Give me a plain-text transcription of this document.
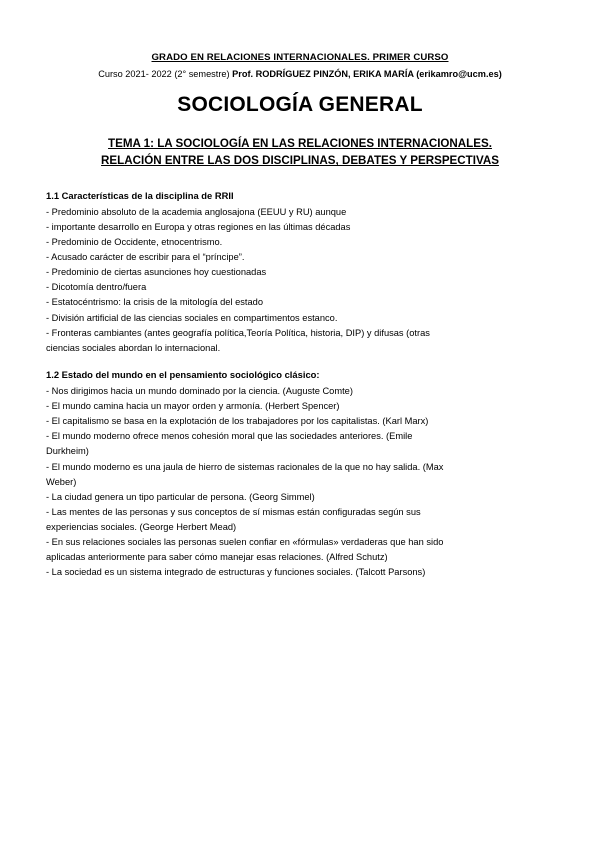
GRADO EN RELACIONES INTERNACIONALES. PRIMER CURSO
Curso 2021- 2022 (2° semestre) Prof. RODRÍGUEZ PINZÓN, ERIKA MARÍA (erikamro@ucm.es)
SOCIOLOGÍA GENERAL
TEMA 1: LA SOCIOLOGÍA EN LAS RELACIONES INTERNACIONALES.
RELACIÓN ENTRE LAS DOS DISCIPLINAS, DEBATES Y PERSPECTIVAS
1.1 Características de la disciplina de RRII
- Predominio absoluto de la academia anglosajona (EEUU y RU) aunque
- importante desarrollo en Europa y otras regiones en las últimas décadas
- Predominio de Occidente, etnocentrismo.
- Acusado carácter de escribir para el “príncipe”.
- Predominio de ciertas asunciones hoy cuestionadas
- Dicotomía dentro/fuera
- Estatocéntrismo: la crisis de la mitología del estado
- División artificial de las ciencias sociales en compartimentos estanco.
- Fronteras cambiantes (antes geografía política,Teoría Política, historia, DIP) y difusas (otras
ciencias sociales abordan lo internacional.
1.2 Estado del mundo en el pensamiento sociológico clásico:
- Nos dirigimos hacia un mundo dominado por la ciencia. (Auguste Comte)
- El mundo camina hacia un mayor orden y armonía. (Herbert Spencer)
- El capitalismo se basa en la explotación de los trabajadores por los capitalistas. (Karl Marx)
- El mundo moderno ofrece menos cohesión moral que las sociedades anteriores. (Emile
Durkheim)
- El mundo moderno es una jaula de hierro de sistemas racionales de la que no hay salida. (Max
Weber)
- La ciudad genera un tipo particular de persona. (Georg Simmel)
- Las mentes de las personas y sus conceptos de sí mismas están configuradas según sus
experiencias sociales. (George Herbert Mead)
- En sus relaciones sociales las personas suelen confiar en «fórmulas» verdaderas que han sido
aplicadas anteriormente para saber cómo manejar esas relaciones. (Alfred Schutz)
- La sociedad es un sistema integrado de estructuras y funciones sociales. (Talcott Parsons)
